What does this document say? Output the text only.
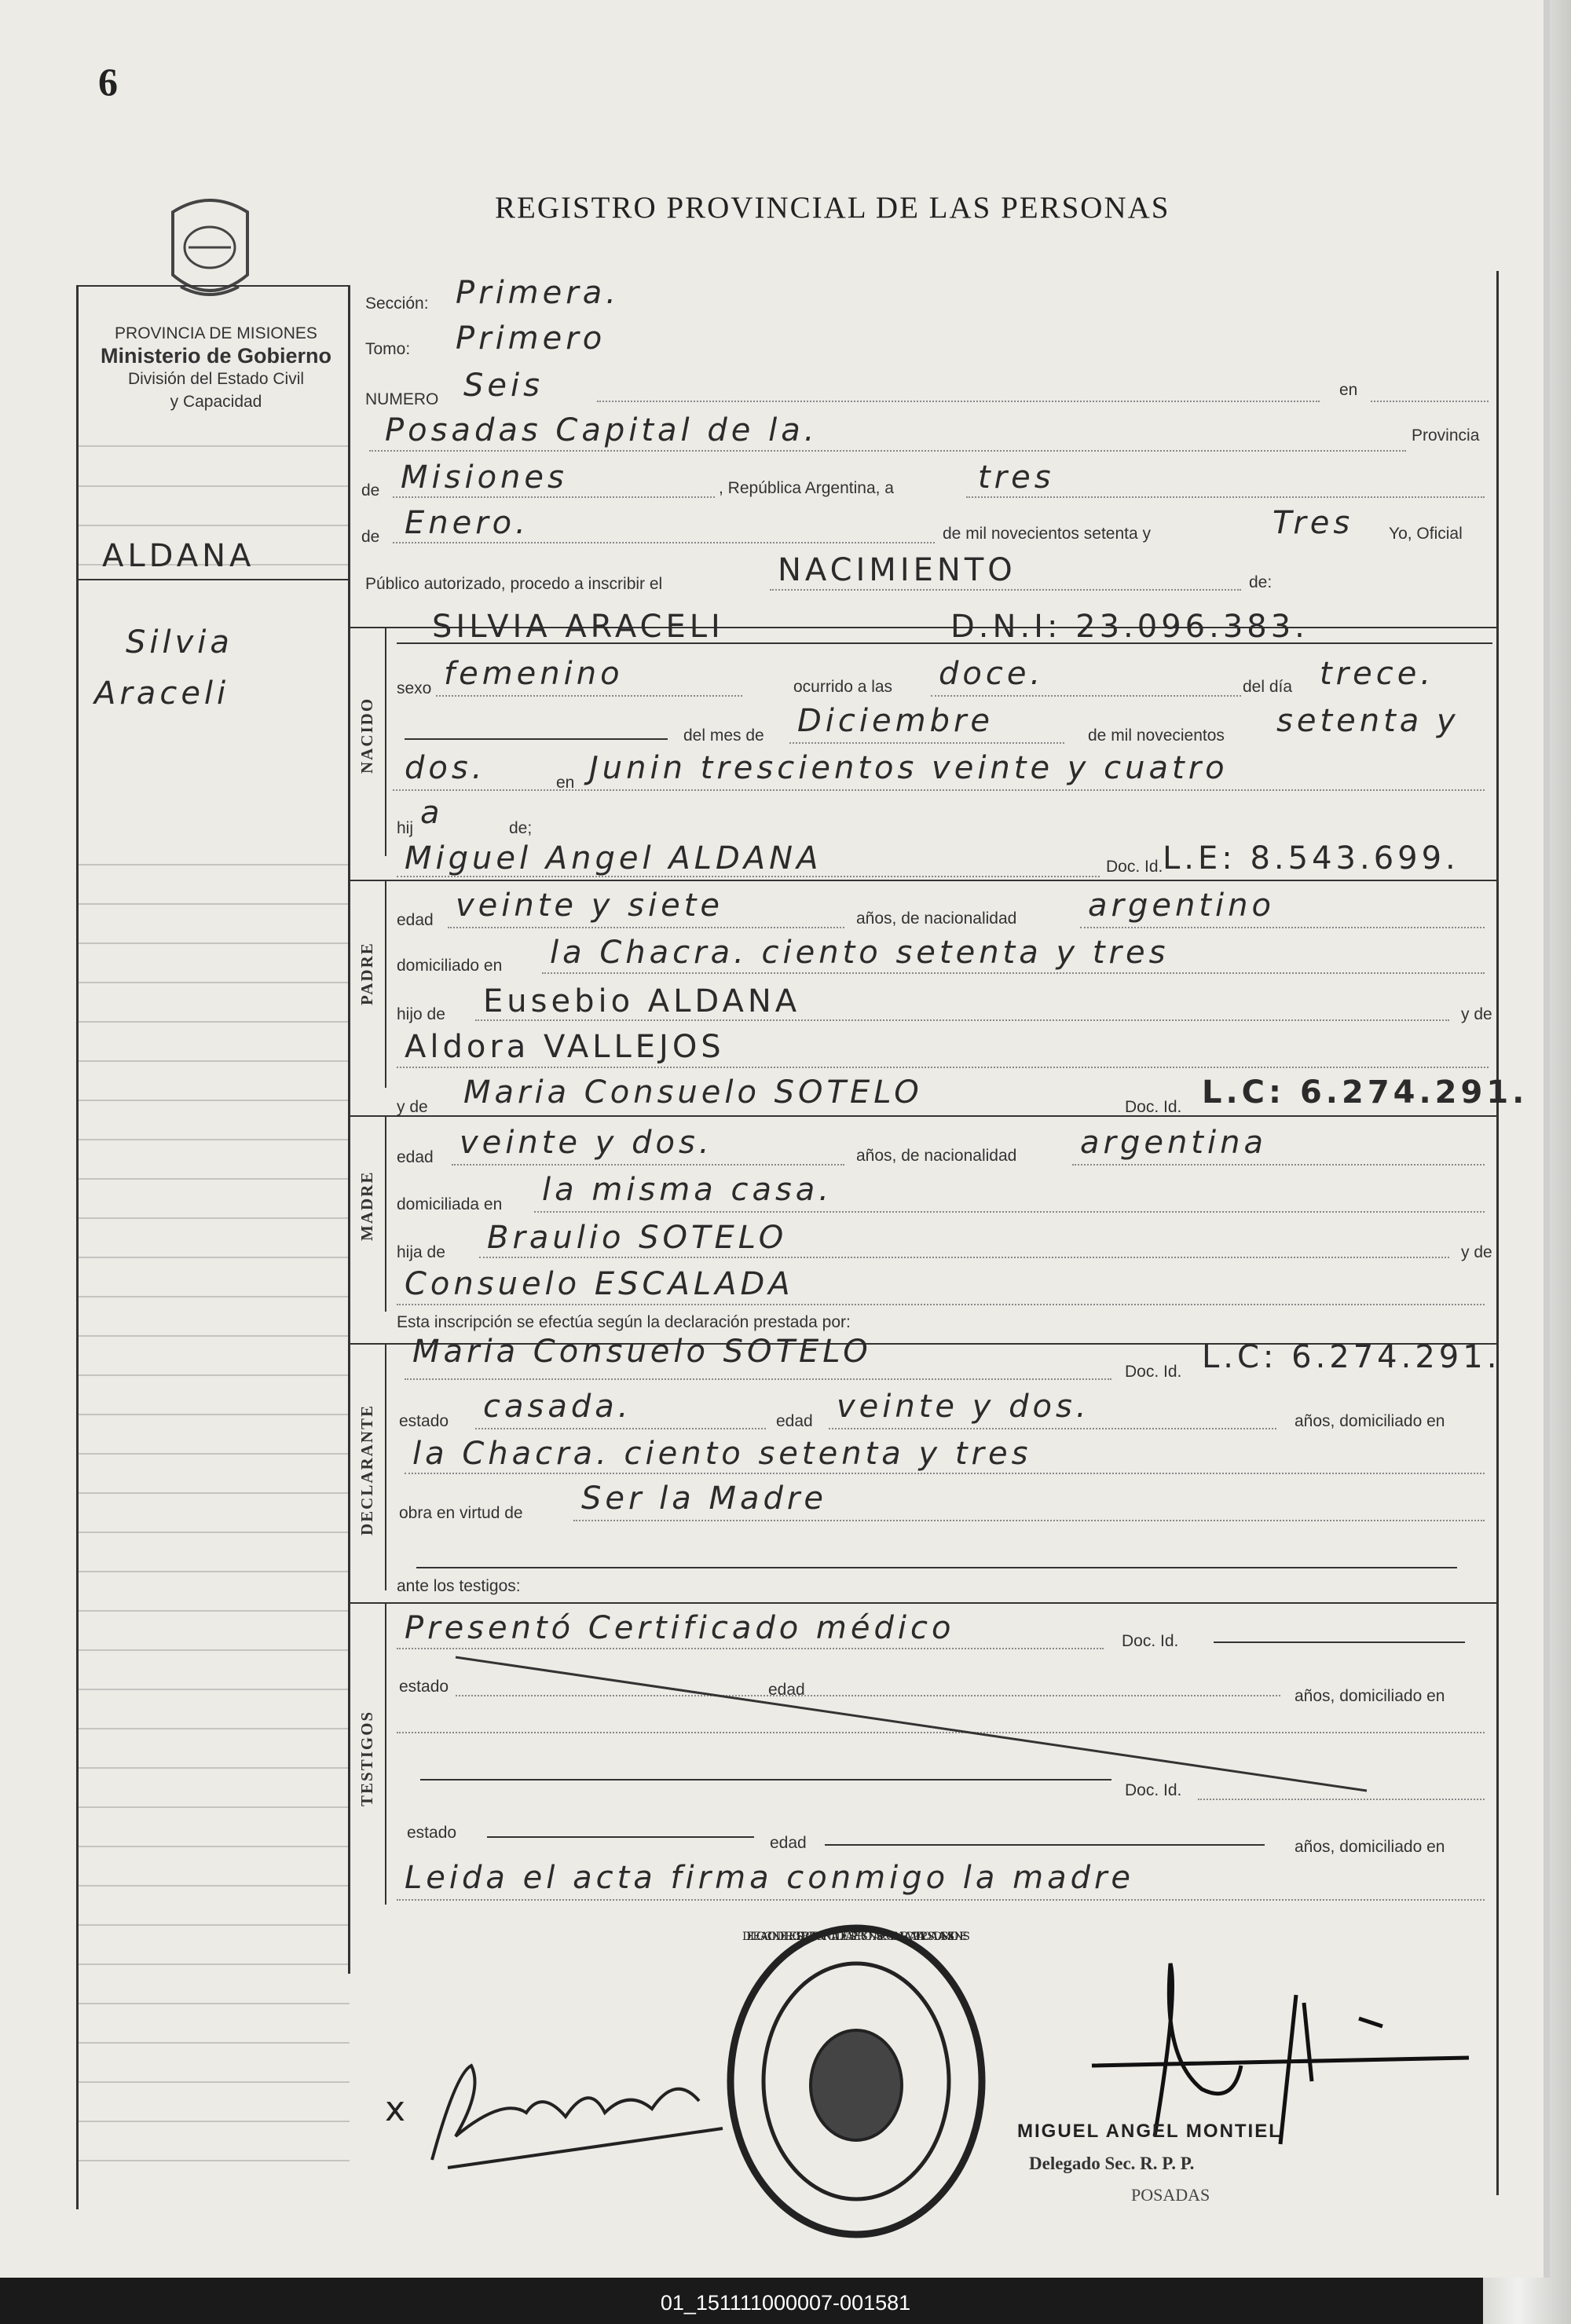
6
REGISTRO PROVINCIAL DE LAS PERSONAS
PROVINCIA DE MISIONES
Ministerio de Gobierno
División del Estado Civil
y Capacidad
ALDANA
Silvia
Araceli
Sección: Primera.
Tomo: Primero
NUMERO Seis	en
Posadas Capital de la.	Provincia
de Misiones	, República Argentina, a	tres
de Enero.	de mil novecientos setenta y	Tres Yo, Oficial
Público autorizado, procedo a inscribir el	NACIMIENTO	de:
NACIDO
SILVIA ARACELI	D.N.I: 23.096.383.
sexo femenino	ocurrido a las doce.	del día trece.
del mes de Diciembre	de mil novecientos setenta y
dos.	en Junin trescientos veinte y cuatro
hij a	de;
Miguel Angel ALDANA	Doc. Id. L.E: 8.543.699.
PADRE
edad veinte y siete	años, de nacionalidad argentino
domiciliado en la Chacra. ciento setenta y tres
hijo de Eusebio ALDANA	y de
Aldora VALLEJOS
y de Maria Consuelo SOTELO	Doc. Id. L.C: 6.274.291.
MADRE
edad veinte y dos.	años, de nacionalidad argentina
domiciliada en la misma casa.
hija de Braulio SOTELO	y de
Consuelo ESCALADA
Esta inscripción se efectúa según la declaración prestada por:
Maria Consuelo SOTELO
Doc. Id. L.C: 6.274.291.
DECLARANTE estado casada.	edad veinte y dos.	años, domiciliado en
la Chacra. ciento setenta y tres
obra en virtud de Ser la Madre
ante los testigos:
Presentó Certificado médico	Doc. Id.
TESTIGOS
estado	edad	años, domiciliado en
Doc. Id.
estado
edad	años, domiciliado en
Leida el acta firma conmigo la madre
x
DELEGACION DEL REGISTRO PROVINCIAL DE LAS PERSONAS · SECCION 1RA. CAPITAL · POSADAS · MISIONES
MIGUEL ANGEL MONTIEL
Delegado Sec. R. P. P.
POSADAS
01_151111000007-001581
